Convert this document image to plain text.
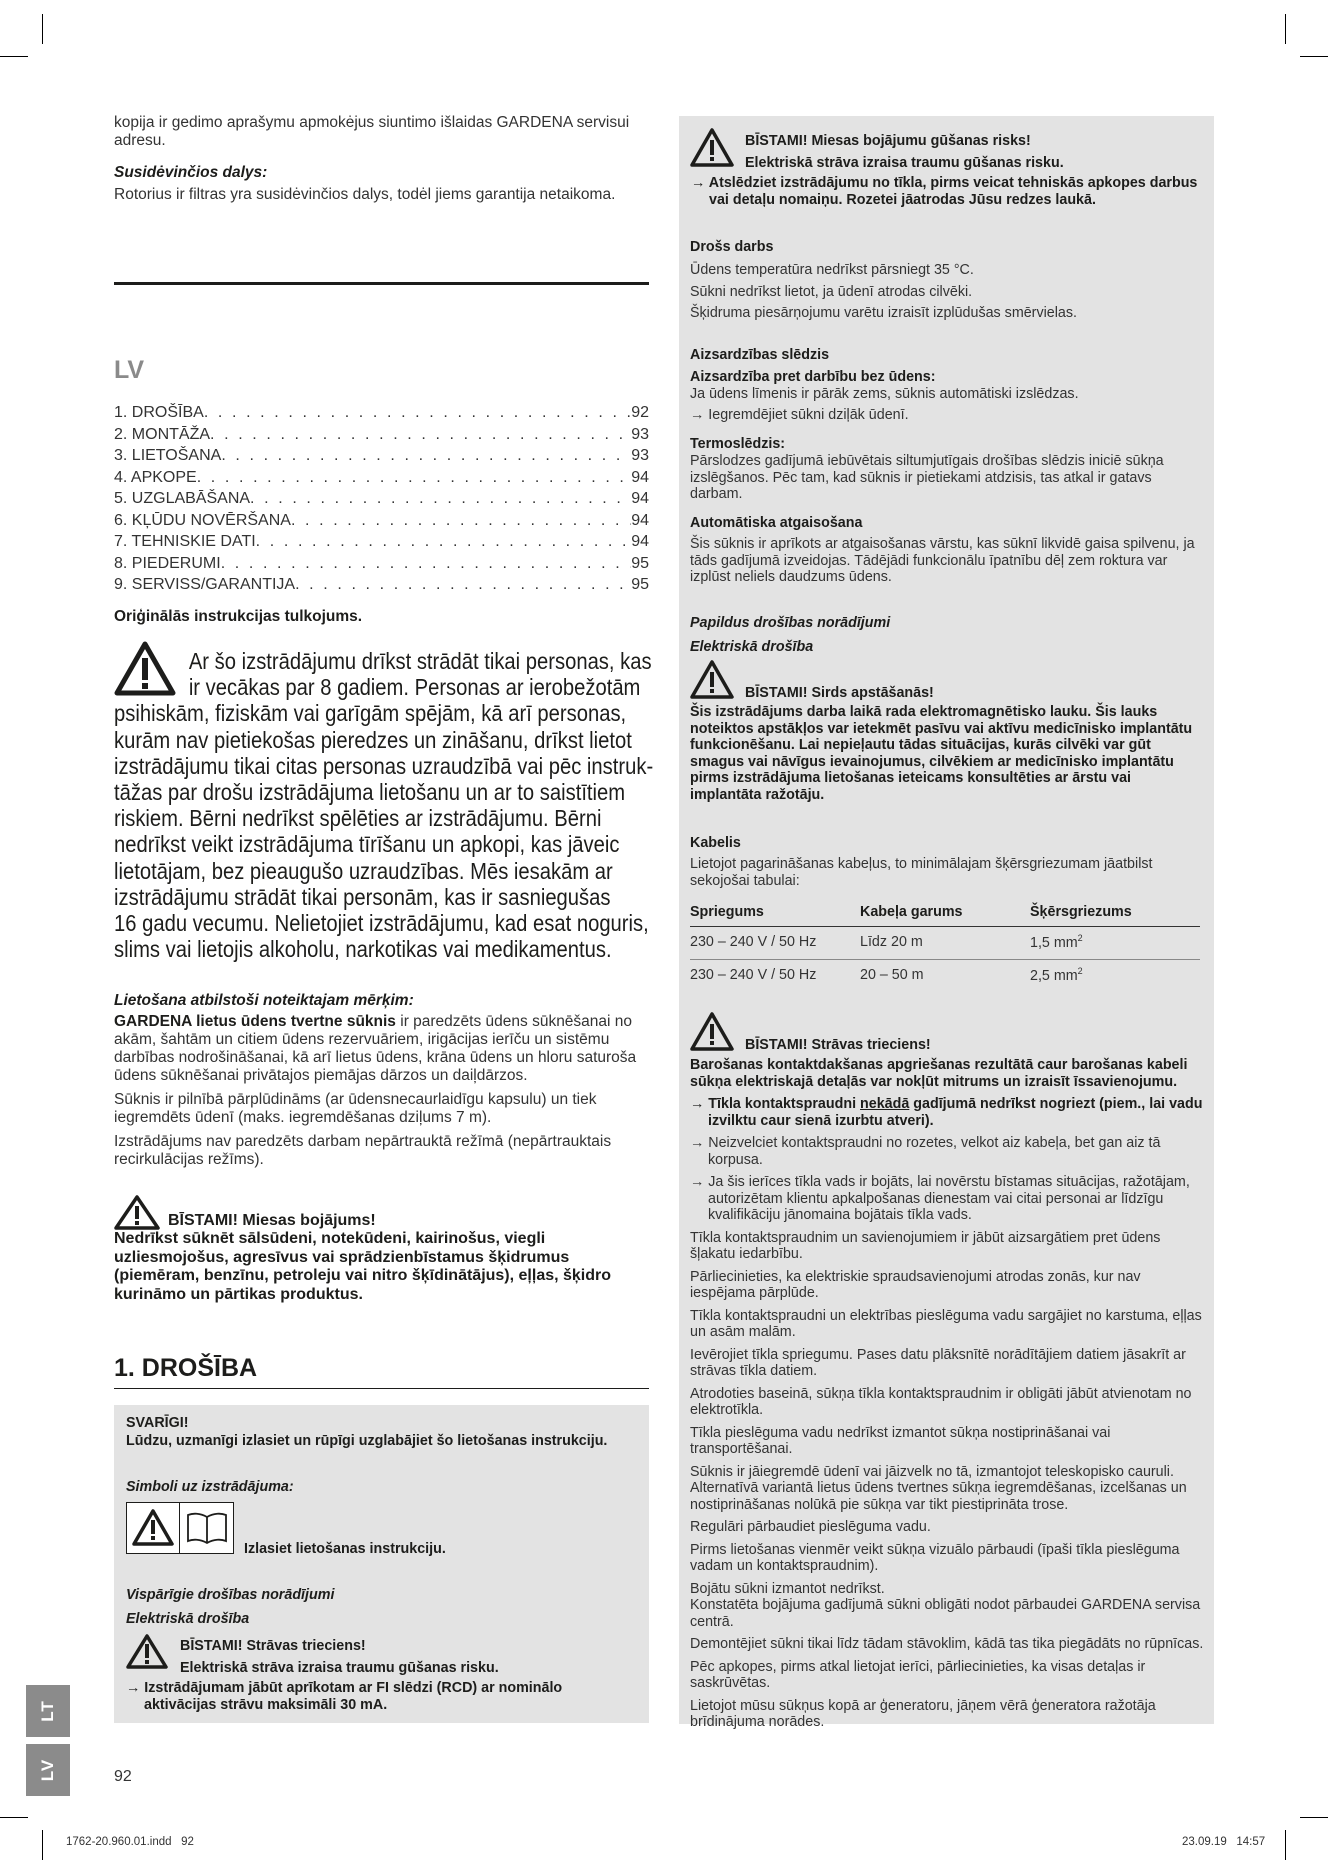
kopija ir gedimo aprašymu apmokėjus siuntimo išlaidas GARDENA servisui

adresu.

Susidėvinčios dalys:

Rotorius ir filtras yra susidėvinčios dalys, todėl jiems garantija netaikoma.

LV
1. DROŠĪBA . . .	92
2. MONTĀŽA . . .	93
3. LIETOŠANA . . .	93
4. APKOPE . . .	94
5. UZGLABĀŠANA . . .	94
6. KĻŪDU NOVĒRŠANA . . .	94
7. TEHNISKIE DATI . . .	94
8. PIEDERUMI . . .	95
9. SERVISS/GARANTIJA . . .	95
Oriģinālās instrukcijas tulkojums.
Ar šo izstrādājumu drīkst strādāt tikai personas, kas
ir vecākas par 8 gadiem. Personas ar ierobežotām
psihiskām, fiziskām vai garīgām spējām, kā arī personas,
kurām nav pietiekošas pieredzes un zināšanu, drīkst lietot
izstrādājumu tikai citas personas uzraudzībā vai pēc instruk-
tāžas par drošu izstrādājuma lietošanu un ar to saistītiem
riskiem. Bērni nedrīkst spēlēties ar izstrādājumu. Bērni
nedrīkst veikt izstrādājuma tīrīšanu un apkopi, kas jāveic
lietotājam, bez pieaugušo uzraudzības. Mēs iesakām ar
izstrādājumu strādāt tikai personām, kas ir sasniegušas
16 gadu vecumu. Nelietojiet izstrādājumu, kad esat noguris,
slims vai lietojis alkoholu, narkotikas vai medikamentus.

Lietošana atbilstoši noteiktajam mērķim:

GARDENA lietus ūdens tvertne sūknis ir paredzēts ūdens sūknēšanai no akām, šahtām un citiem ūdens rezervuāriem, irigācijas ierīču un sistēmu darbības nodrošināšanai, kā arī lietus ūdens, krāna ūdens un hloru saturoša ūdens sūknēšanai privātajos piemājas dārzos un daiļdārzos.

Sūknis ir pilnībā pārplūdināms (ar ūdensnecaurlaidīgu kapsulu) un tiek iegremdēts ūdenī (maks. iegremdēšanas dziļums 7 m).

Izstrādājums nav paredzēts darbam nepārtrauktā režīmā (nepārtrauktais recirkulācijas režīms).

BĪSTAMI! Miesas bojājums!
Nedrīkst sūknēt sālsūdeni, notekūdeni, kairinošus, viegli uzliesmojošus, agresīvus vai sprādzienbīstamus šķidrumus (piemēram, benzīnu, petroleju vai nitro šķīdinātājus), eļļas, šķidro kurināmo un pārtikas produktus.
1. DROŠĪBA

SVARĪGI!

Lūdzu, uzmanīgi izlasiet un rūpīgi uzglabājiet šo lietošanas instrukciju.

Simboli uz izstrādājuma:

Izlasiet lietošanas instrukciju.

Vispārīgie drošības norādījumi

Elektriskā drošība

BĪSTAMI! Strāvas trieciens!
Elektriskā strāva izraisa traumu gūšanas risku.
→ Izstrādājumam jābūt aprīkotam ar FI slēdzi (RCD) ar nominālo aktivācijas strāvu maksimāli 30 mA.
BĪSTAMI! Miesas bojājumu gūšanas risks!
Elektriskā strāva izraisa traumu gūšanas risku.
→ Atslēdziet izstrādājumu no tīkla, pirms veicat tehniskās apkopes darbus vai detaļu nomaiņu. Rozetei jāatrodas Jūsu redzes laukā.

Drošs darbs

Ūdens temperatūra nedrīkst pārsniegt 35 °C.

Sūkni nedrīkst lietot, ja ūdenī atrodas cilvēki.

Šķidruma piesārņojumu varētu izraisīt izplūdušas smērvielas.

Aizsardzības slēdzis

Aizsardzība pret darbību bez ūdens:

Ja ūdens līmenis ir pārāk zems, sūknis automātiski izslēdzas.

→ Iegremdējiet sūkni dziļāk ūdenī.

Termoslēdzis:

Pārslodzes gadījumā iebūvētais siltumjutīgais drošības slēdzis iniciē sūkņa izslēgšanos. Pēc tam, kad sūknis ir pietiekami atdzisis, tas atkal ir gatavs darbam.

Automātiska atgaisošana

Šis sūknis ir aprīkots ar atgaisošanas vārstu, kas sūknī likvidē gaisa spilvenu, ja tāds gadījumā izveidojas. Tādējādi funkcionālu īpatnību dēļ zem roktura var izplūst neliels daudzums ūdens.

Papildus drošības norādījumi

Elektriskā drošība

BĪSTAMI! Sirds apstāšanās!
Šis izstrādājums darba laikā rada elektromagnētisko lauku. Šis lauks noteiktos apstākļos var ietekmēt pasīvu vai aktīvu medicīnisko implantātu funkcionēšanu. Lai nepieļautu tādas situācijas, kurās cilvēki var gūt smagus vai nāvīgus ievainojumus, cilvēkiem ar medicīnisko implantātu pirms izstrādājuma lietošanas ieteicams konsultēties ar ārstu vai implantāta ražotāju.

Kabelis

Lietojot pagarināšanas kabeļus, to minimālajam šķērsgriezumam jāatbilst sekojošai tabulai:

Spriegums	Kabeļa garums	Šķērsgriezums
230 – 240 V / 50 Hz	Līdz 20 m	1,5 $mm^2$
230 – 240 V / 50 Hz	20 – 50 m	2,5 $mm^2$
BĪSTAMI! Strāvas trieciens!
Barošanas kontaktdakšanas apgriešanas rezultātā caur barošanas kabeli sūkņa elektriskajā detaļās var nokļūt mitrums un izraisīt īssavienojumu.

→ Tīkla kontaktspraudni nekādā gadījumā nedrīkst nogriezt (piem., lai vadu izvilktu caur sienā izurbtu atveri).

→ Neizvelciet kontaktspraudni no rozetes, velkot aiz kabeļa, bet gan aiz tā korpusa.

→ Ja šis ierīces tīkla vads ir bojāts, lai novērstu bīstamas situācijas, ražotājam, autorizētam klientu apkalpošanas dienestam vai citai personai ar līdzīgu kvalifikāciju jānomaina bojātais tīkla vads.

Tīkla kontaktspraudnim un savienojumiem ir jābūt aizsargātiem pret ūdens šļakatu iedarbību.

Pārliecinieties, ka elektriskie spraudsavienojumi atrodas zonās, kur nav iespējama pārplūde.

Tīkla kontaktspraudni un elektrības pieslēguma vadu sargājiet no karstuma, eļļas un asām malām.

Ievērojiet tīkla spriegumu. Pases datu plāksnītē norādītājiem datiem jāsakrīt ar strāvas tīkla datiem.

Atrodoties baseinā, sūkņa tīkla kontaktspraudnim ir obligāti jābūt atvienotam no elektrotīkla.

Tīkla pieslēguma vadu nedrīkst izmantot sūkņa nostiprināšanai vai transportēšanai.

Sūknis ir jāiegremdē ūdenī vai jāizvelk no tā, izmantojot teleskopisko cauruli. Alternatīvā variantā lietus ūdens tvertnes sūkņa iegremdēšanas, izcelšanas un nostiprināšanas nolūkā pie sūkņa var tikt piestiprināta trose.

Regulāri pārbaudiet pieslēguma vadu.

Pirms lietošanas vienmēr veikt sūkņa vizuālo pārbaudi (īpaši tīkla pieslēguma vadam un kontaktspraudnim).

Bojātu sūkni izmantot nedrīkst.

Konstatēta bojājuma gadījumā sūkni obligāti nodot pārbaudei GARDENA servisa centrā.

Demontējiet sūkni tikai līdz tādam stāvoklim, kādā tas tika piegādāts no rūpnīcas.

Pēc apkopes, pirms atkal lietojat ierīci, pārliecinieties, ka visas detaļas ir saskrūvētas.

Lietojot mūsu sūkņus kopā ar ģeneratoru, jāņem vērā ģeneratora ražotāja brīdinājuma norādes.

LT
LV	92
1762-20.960.01.indd   92	23.09.19   14:57
